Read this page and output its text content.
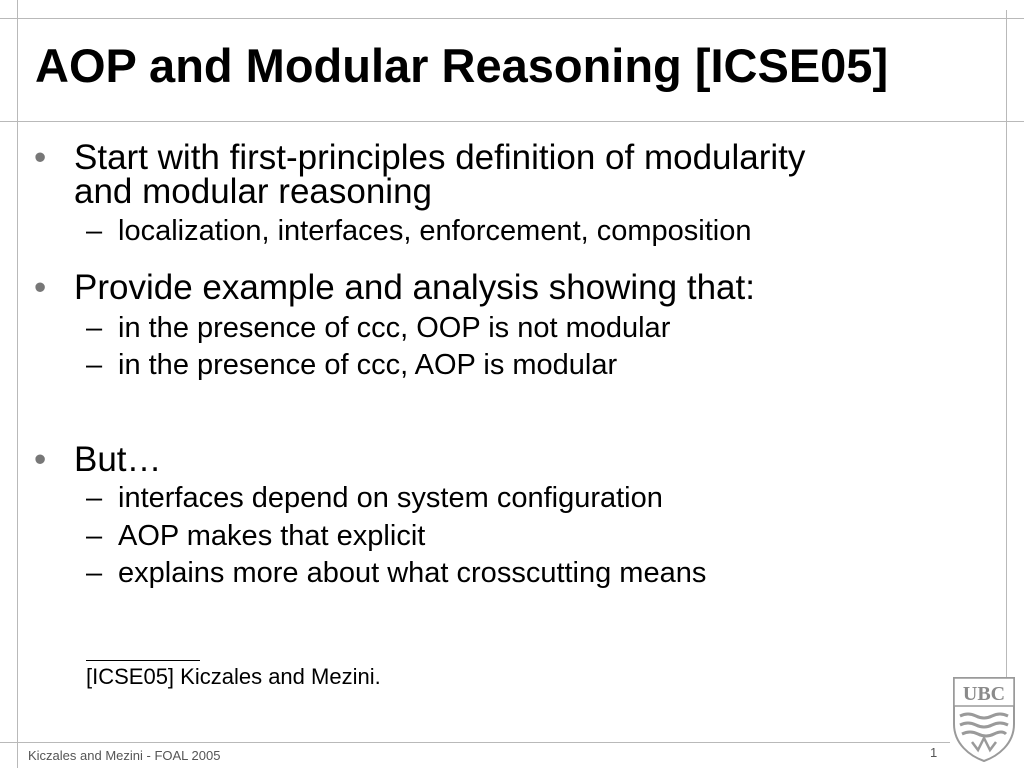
AOP and Modular Reasoning [ICSE05]
• Start with first-principles definition of modularity
and modular reasoning
– localization, interfaces, enforcement, composition
• Provide example and analysis showing that:
– in the presence of ccc, OOP is not modular
– in the presence of ccc, AOP is modular
• But…
– interfaces depend on system configuration
– AOP makes that explicit
– explains more about what crosscutting means
[ICSE05] Kiczales and Mezini.
Kiczales and Mezini - FOAL 2005	1
UBC
